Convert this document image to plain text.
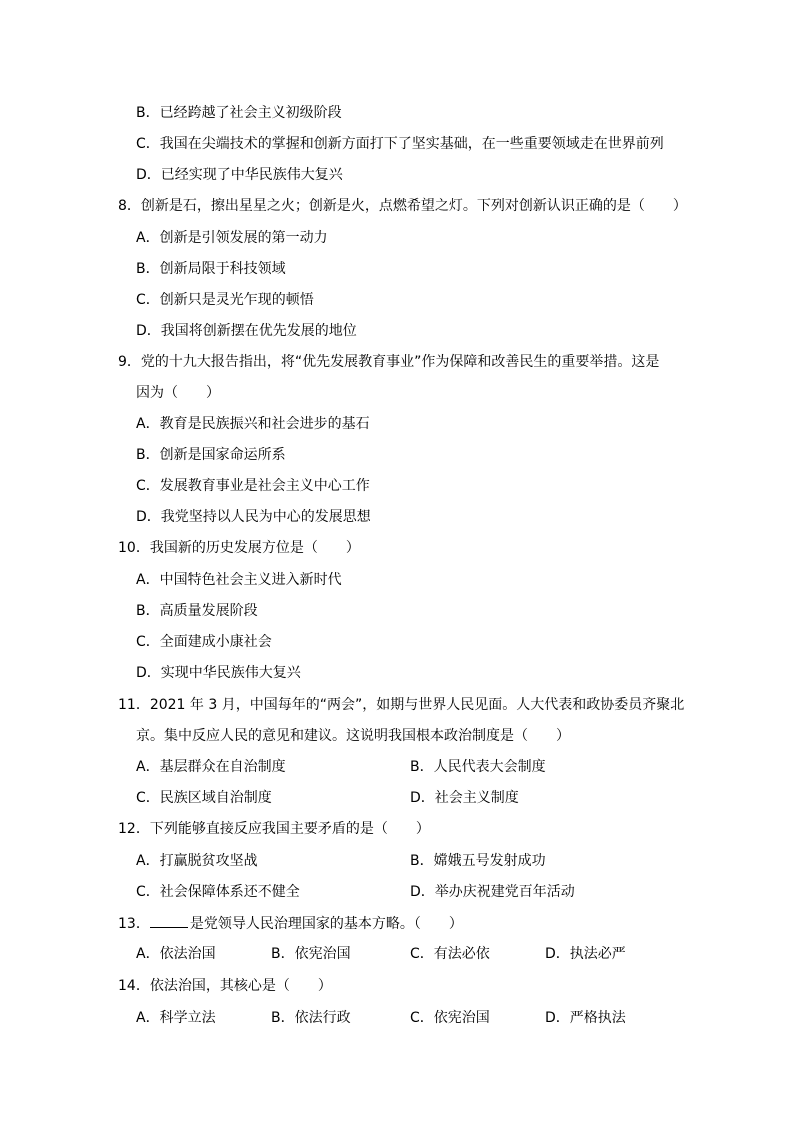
B．已经跨越了社会主义初级阶段
C．我国在尖端技术的掌握和创新方面打下了坚实基础，在一些重要领域走在世界前列
D．已经实现了中华民族伟大复兴
8．创新是石，擦出星星之火；创新是火，点燃希望之灯。下列对创新认识正确的是（　　）
A．创新是引领发展的第一动力
B．创新局限于科技领域
C．创新只是灵光乍现的顿悟
D．我国将创新摆在优先发展的地位
9．党的十九大报告指出，将“优先发展教育事业”作为保障和改善民生的重要举措。这是
因为（　　）
A．教育是民族振兴和社会进步的基石
B．创新是国家命运所系
C．发展教育事业是社会主义中心工作
D．我党坚持以人民为中心的发展思想
10．我国新的历史发展方位是（　　）
A．中国特色社会主义进入新时代
B．高质量发展阶段
C．全面建成小康社会
D．实现中华民族伟大复兴
11．2021 年 3 月，中国每年的“两会”，如期与世界人民见面。人大代表和政协委员齐聚北
京。集中反应人民的意见和建议。这说明我国根本政治制度是（　　）
A．基层群众在自治制度	B．人民代表大会制度
C．民族区域自治制度	D．社会主义制度
12．下列能够直接反应我国主要矛盾的是（　　）
A．打赢脱贫攻坚战	B．嫦娥五号发射成功
C．社会保障体系还不健全	D．举办庆祝建党百年活动
13．	是党领导人民治理国家的基本方略。（　　）
A．依法治国	B．依宪治国	C．有法必依	D．执法必严
14．依法治国，其核心是（　　）
A．科学立法	B．依法行政	C．依宪治国	D．严格执法
